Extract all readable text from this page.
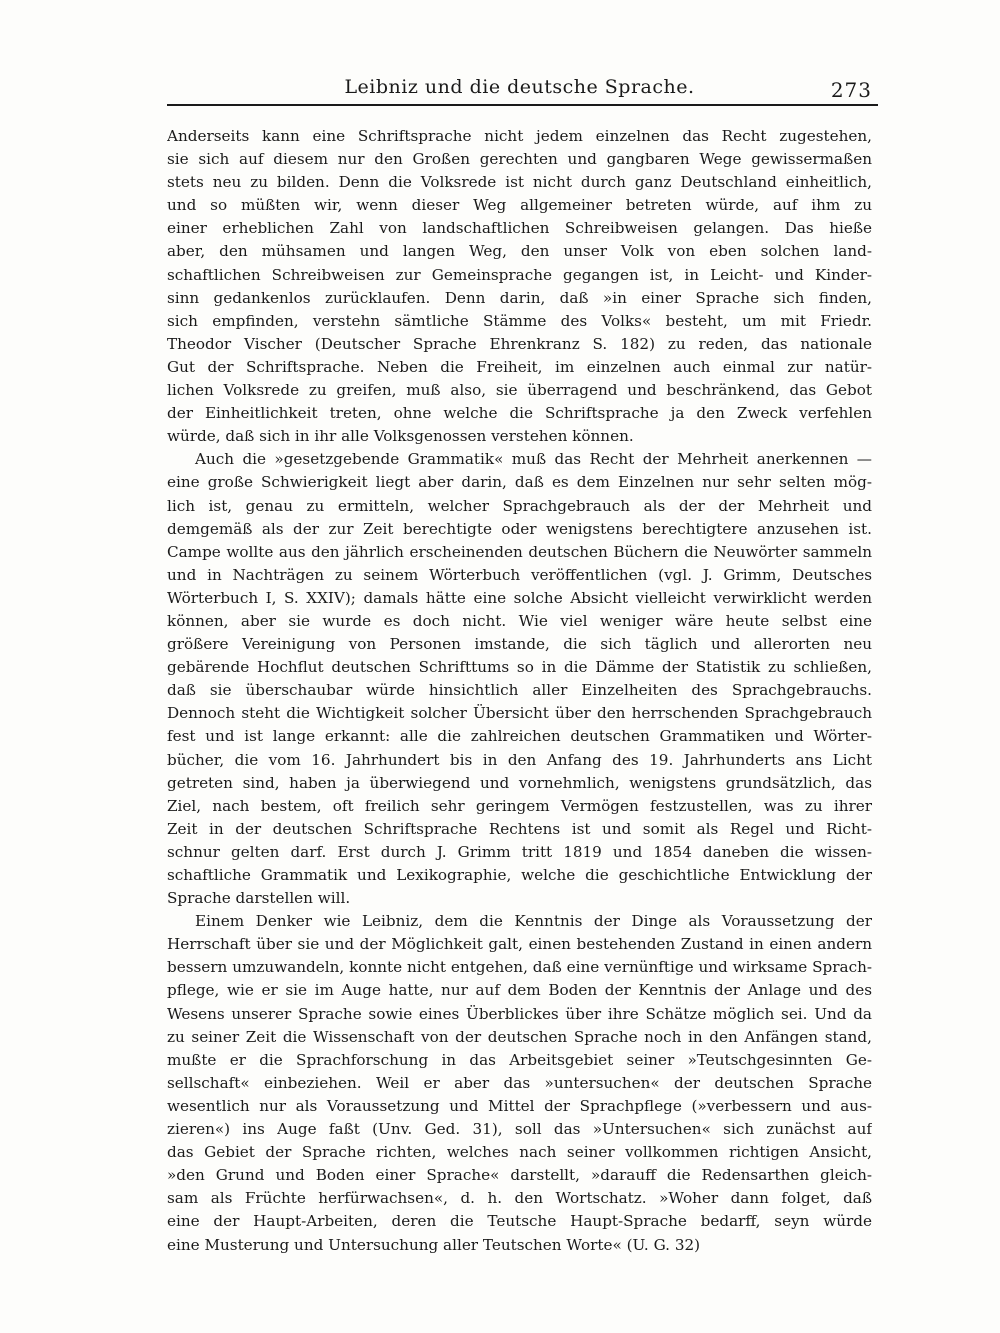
Leibniz und die deutsche Sprache.	273
Anderseits kann eine Schriftsprache nicht jedem einzelnen das Recht zugestehen,
sie sich auf diesem nur den Großen gerechten und gangbaren Wege gewissermaßen
stets neu zu bilden. Denn die Volksrede ist nicht durch ganz Deutschland einheitlich,
und so müßten wir, wenn dieser Weg allgemeiner betreten würde, auf ihm zu
einer erheblichen Zahl von landschaftlichen Schreibweisen gelangen. Das hieße
aber, den mühsamen und langen Weg, den unser Volk von eben solchen land-
schaftlichen Schreibweisen zur Gemeinsprache gegangen ist, in Leicht- und Kinder-
sinn gedankenlos zurücklaufen. Denn darin, daß »in einer Sprache sich finden,
sich empfinden, verstehn sämtliche Stämme des Volks« besteht, um mit Friedr.
Theodor Vischer (Deutscher Sprache Ehrenkranz S. 182) zu reden, das nationale
Gut der Schriftsprache. Neben die Freiheit, im einzelnen auch einmal zur natür-
lichen Volksrede zu greifen, muß also, sie überragend und beschränkend, das Gebot
der Einheitlichkeit treten, ohne welche die Schriftsprache ja den Zweck verfehlen
würde, daß sich in ihr alle Volksgenossen verstehen können.
Auch die »gesetzgebende Grammatik« muß das Recht der Mehrheit anerkennen —
eine große Schwierigkeit liegt aber darin, daß es dem Einzelnen nur sehr selten mög-
lich ist, genau zu ermitteln, welcher Sprachgebrauch als der der Mehrheit und
demgemäß als der zur Zeit berechtigte oder wenigstens berechtigtere anzusehen ist.
Campe wollte aus den jährlich erscheinenden deutschen Büchern die Neuwörter sammeln
und in Nachträgen zu seinem Wörterbuch veröffentlichen (vgl. J. Grimm, Deutsches
Wörterbuch I, S. XXIV); damals hätte eine solche Absicht vielleicht verwirklicht werden
können, aber sie wurde es doch nicht. Wie viel weniger wäre heute selbst eine
größere Vereinigung von Personen imstande, die sich täglich und allerorten neu
gebärende Hochflut deutschen Schrifttums so in die Dämme der Statistik zu schließen,
daß sie überschaubar würde hinsichtlich aller Einzelheiten des Sprachgebrauchs.
Dennoch steht die Wichtigkeit solcher Übersicht über den herrschenden Sprachgebrauch
fest und ist lange erkannt: alle die zahlreichen deutschen Grammatiken und Wörter-
bücher, die vom 16. Jahrhundert bis in den Anfang des 19. Jahrhunderts ans Licht
getreten sind, haben ja überwiegend und vornehmlich, wenigstens grundsätzlich, das
Ziel, nach bestem, oft freilich sehr geringem Vermögen festzustellen, was zu ihrer
Zeit in der deutschen Schriftsprache Rechtens ist und somit als Regel und Richt-
schnur gelten darf. Erst durch J. Grimm tritt 1819 und 1854 daneben die wissen-
schaftliche Grammatik und Lexikographie, welche die geschichtliche Entwicklung der
Sprache darstellen will.
Einem Denker wie Leibniz, dem die Kenntnis der Dinge als Voraussetzung der
Herrschaft über sie und der Möglichkeit galt, einen bestehenden Zustand in einen andern
bessern umzuwandeln, konnte nicht entgehen, daß eine vernünftige und wirksame Sprach-
pflege, wie er sie im Auge hatte, nur auf dem Boden der Kenntnis der Anlage und des
Wesens unserer Sprache sowie eines Überblickes über ihre Schätze möglich sei. Und da
zu seiner Zeit die Wissenschaft von der deutschen Sprache noch in den Anfängen stand,
mußte er die Sprachforschung in das Arbeitsgebiet seiner »Teutschgesinnten Ge-
sellschaft« einbeziehen. Weil er aber das »untersuchen« der deutschen Sprache
wesentlich nur als Voraussetzung und Mittel der Sprachpflege (»verbessern und aus-
zieren«) ins Auge faßt (Unv. Ged. 31), soll das »Untersuchen« sich zunächst auf
das Gebiet der Sprache richten, welches nach seiner vollkommen richtigen Ansicht,
»den Grund und Boden einer Sprache« darstellt, »darauff die Redensarthen gleich-
sam als Früchte herfürwachsen«, d. h. den Wortschatz. »Woher dann folget, daß
eine der Haupt-Arbeiten, deren die Teutsche Haupt-Sprache bedarff, seyn würde
eine Musterung und Untersuchung aller Teutschen Worte« (U. G. 32)
